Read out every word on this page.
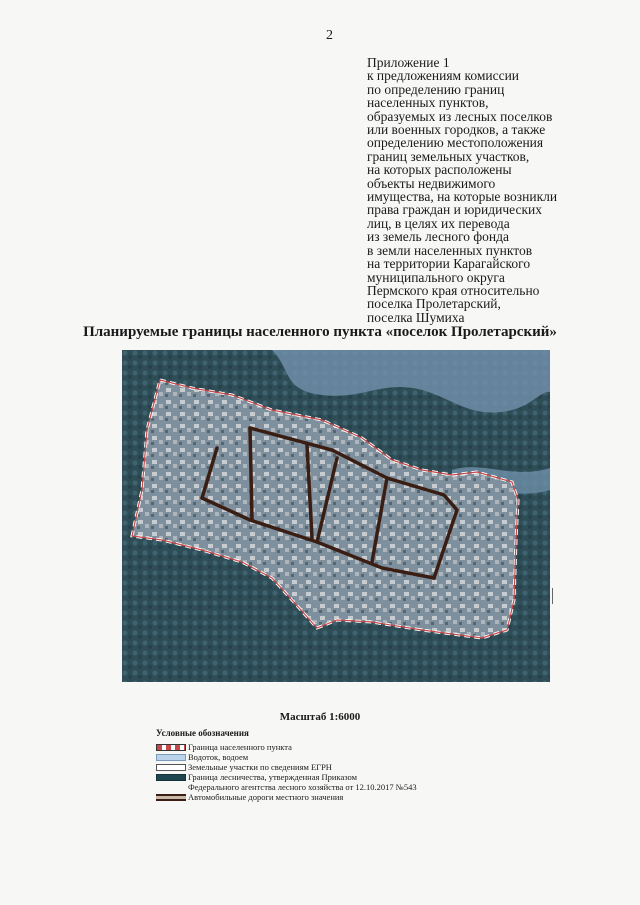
2
Приложение 1
к предложениям комиссии
по определению границ
населенных пунктов,
образуемых из лесных поселков
или военных городков, а также
определению местоположения
границ земельных участков,
на которых расположены
объекты недвижимого
имущества, на которые возникли
права граждан и юридических
лиц, в целях их перевода
из земель лесного фонда
в земли населенных пунктов
на территории Карагайского
муниципального округа
Пермского края относительно
поселка Пролетарский,
поселка Шумиха
Планируемые границы населенного пункта «поселок Пролетарский»
Масштаб 1:6000
Условные обозначения
Граница населенного пункта
Водоток, водоем
Земельные участки по сведениям ЕГРН
Граница лесничества, утвержденная Приказом
Федерального агентства лесного хозяйства от 12.10.2017 №543
Автомобильные дороги местного значения
